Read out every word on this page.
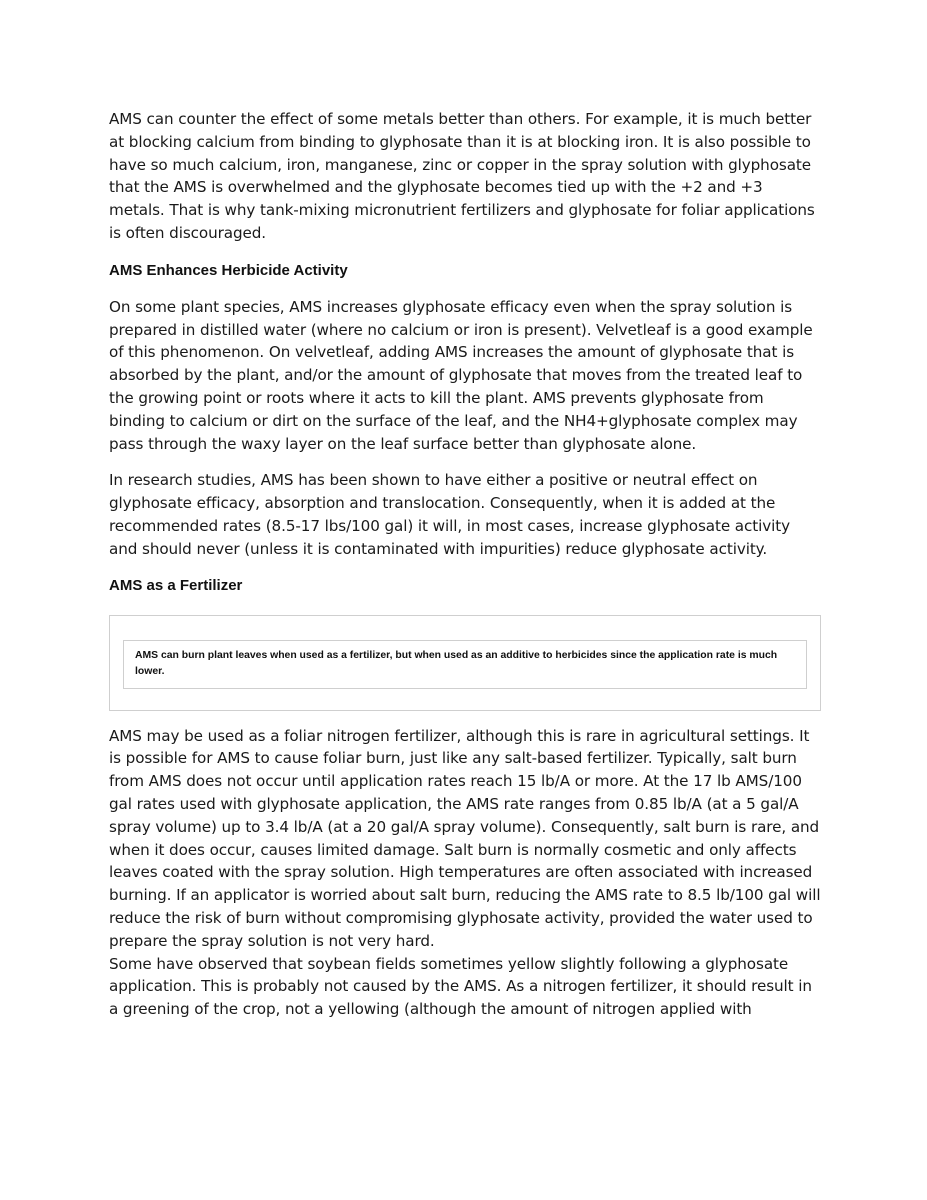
AMS can counter the effect of some metals better than others. For example, it is much better at blocking calcium from binding to glyphosate than it is at blocking iron. It is also possible to have so much calcium, iron, manganese, zinc or copper in the spray solution with glyphosate that the AMS is overwhelmed and the glyphosate becomes tied up with the +2 and +3 metals. That is why tank-mixing micronutrient fertilizers and glyphosate for foliar applications is often discouraged.

AMS Enhances Herbicide Activity

On some plant species, AMS increases glyphosate efficacy even when the spray solution is prepared in distilled water (where no calcium or iron is present). Velvetleaf is a good example of this phenomenon. On velvetleaf, adding AMS increases the amount of glyphosate that is absorbed by the plant, and/or the amount of glyphosate that moves from the treated leaf to the growing point or roots where it acts to kill the plant. AMS prevents glyphosate from binding to calcium or dirt on the surface of the leaf, and the NH4+glyphosate complex may pass through the waxy layer on the leaf surface better than glyphosate alone.

In research studies, AMS has been shown to have either a positive or neutral effect on glyphosate efficacy, absorption and translocation. Consequently, when it is added at the recommended rates (8.5-17 lbs/100 gal) it will, in most cases, increase glyphosate activity and should never (unless it is contaminated with impurities) reduce glyphosate activity.

AMS as a Fertilizer

AMS can burn plant leaves when used as a fertilizer, but when used as an additive to herbicides since the application rate is much lower.

AMS may be used as a foliar nitrogen fertilizer, although this is rare in agricultural settings. It is possible for AMS to cause foliar burn, just like any salt-based fertilizer. Typically, salt burn from AMS does not occur until application rates reach 15 lb/A or more. At the 17 lb AMS/100 gal rates used with glyphosate application, the AMS rate ranges from 0.85 lb/A (at a 5 gal/A spray volume) up to 3.4 lb/A (at a 20 gal/A spray volume). Consequently, salt burn is rare, and when it does occur, causes limited damage. Salt burn is normally cosmetic and only affects leaves coated with the spray solution. High temperatures are often associated with increased burning. If an applicator is worried about salt burn, reducing the AMS rate to 8.5 lb/100 gal will reduce the risk of burn without compromising glyphosate activity, provided the water used to prepare the spray solution is not very hard.

Some have observed that soybean fields sometimes yellow slightly following a glyphosate application. This is probably not caused by the AMS. As a nitrogen fertilizer, it should result in a greening of the crop, not a yellowing (although the amount of nitrogen applied with
